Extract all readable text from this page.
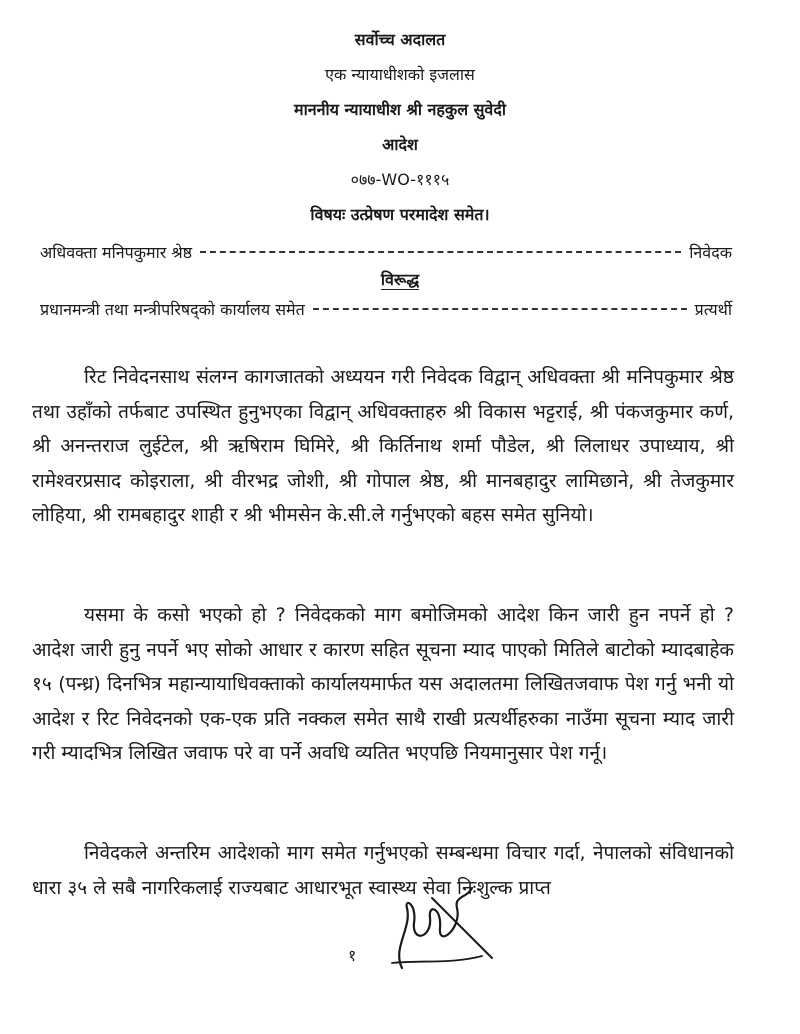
सर्वोच्च अदालत
एक न्यायाधीशको इजलास
माननीय न्यायाधीश श्री नहकुल सुवेदी
आदेश
०७७-WO-१११५
विषयः उत्प्रेषण परमादेश समेत।
अधिवक्ता मनिपकुमार श्रेष्ठ	निवेदक
विरूद्ध
प्रधानमन्त्री तथा मन्त्रीपरिषद्को कार्यालय समेत	प्रत्यर्थी

रिट निवेदनसाथ संलग्न कागजातको अध्ययन गरी निवेदक विद्वान् अधिवक्ता श्री मनिपकुमार श्रेष्ठ तथा उहाँको तर्फबाट उपस्थित हुनुभएका विद्वान् अधिवक्ताहरु श्री विकास भट्टराई, श्री पंकजकुमार कर्ण, श्री अनन्तराज लुईटेल, श्री ऋषिराम घिमिरे, श्री किर्तिनाथ शर्मा पौडेल, श्री लिलाधर उपाध्याय, श्री रामेश्वरप्रसाद कोइराला, श्री वीरभद्र जोशी, श्री गोपाल श्रेष्ठ, श्री मानबहादुर लामिछाने, श्री तेजकुमार लोहिया, श्री रामबहादुर शाही र श्री भीमसेन के.सी.ले गर्नुभएको बहस समेत सुनियो।

यसमा के कसो भएको हो ? निवेदकको माग बमोजिमको आदेश किन जारी हुन नपर्ने हो ? आदेश जारी हुनु नपर्ने भए सोको आधार र कारण सहित सूचना म्याद पाएको मितिले बाटोको म्यादबाहेक १५ (पन्ध्र) दिनभित्र महान्यायाधिवक्ताको कार्यालयमार्फत यस अदालतमा लिखितजवाफ पेश गर्नु भनी यो आदेश र रिट निवेदनको एक-एक प्रति नक्कल समेत साथै राखी प्रत्यर्थीहरुका नाउँमा सूचना म्याद जारी गरी म्यादभित्र लिखित जवाफ परे वा पर्ने अवधि व्यतित भएपछि नियमानुसार पेश गर्नू।

निवेदकले अन्तरिम आदेशको माग समेत गर्नुभएको सम्बन्धमा विचार गर्दा, नेपालको संविधानको धारा ३५ ले सबै नागरिकलाई राज्यबाट आधारभूत स्वास्थ्य सेवा निःशुल्क प्राप्त

१
